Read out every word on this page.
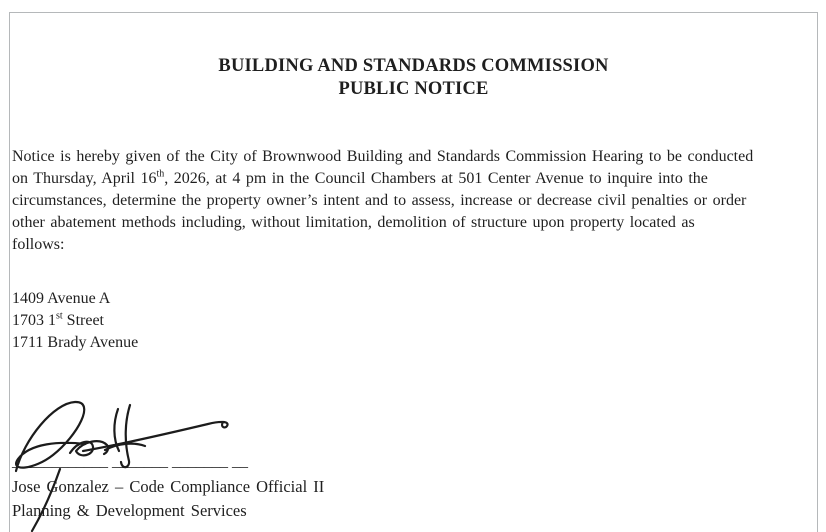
BUILDING AND STANDARDS COMMISSION
PUBLIC NOTICE
Notice is hereby given of the City of Brownwood Building and Standards Commission Hearing to be conducted
on Thursday, April 16th, 2026, at 4 pm in the Council Chambers at 501 Center Avenue to inquire into the
circumstances, determine the property owner’s intent and to assess, increase or decrease civil penalties or order
other abatement methods including, without limitation, demolition of structure upon property located as
follows:
1409 Avenue A
1703 1st Street
1711 Brady Avenue
____________ _______ _______ __
Jose Gonzalez – Code Compliance Official II
Planning & Development Services
